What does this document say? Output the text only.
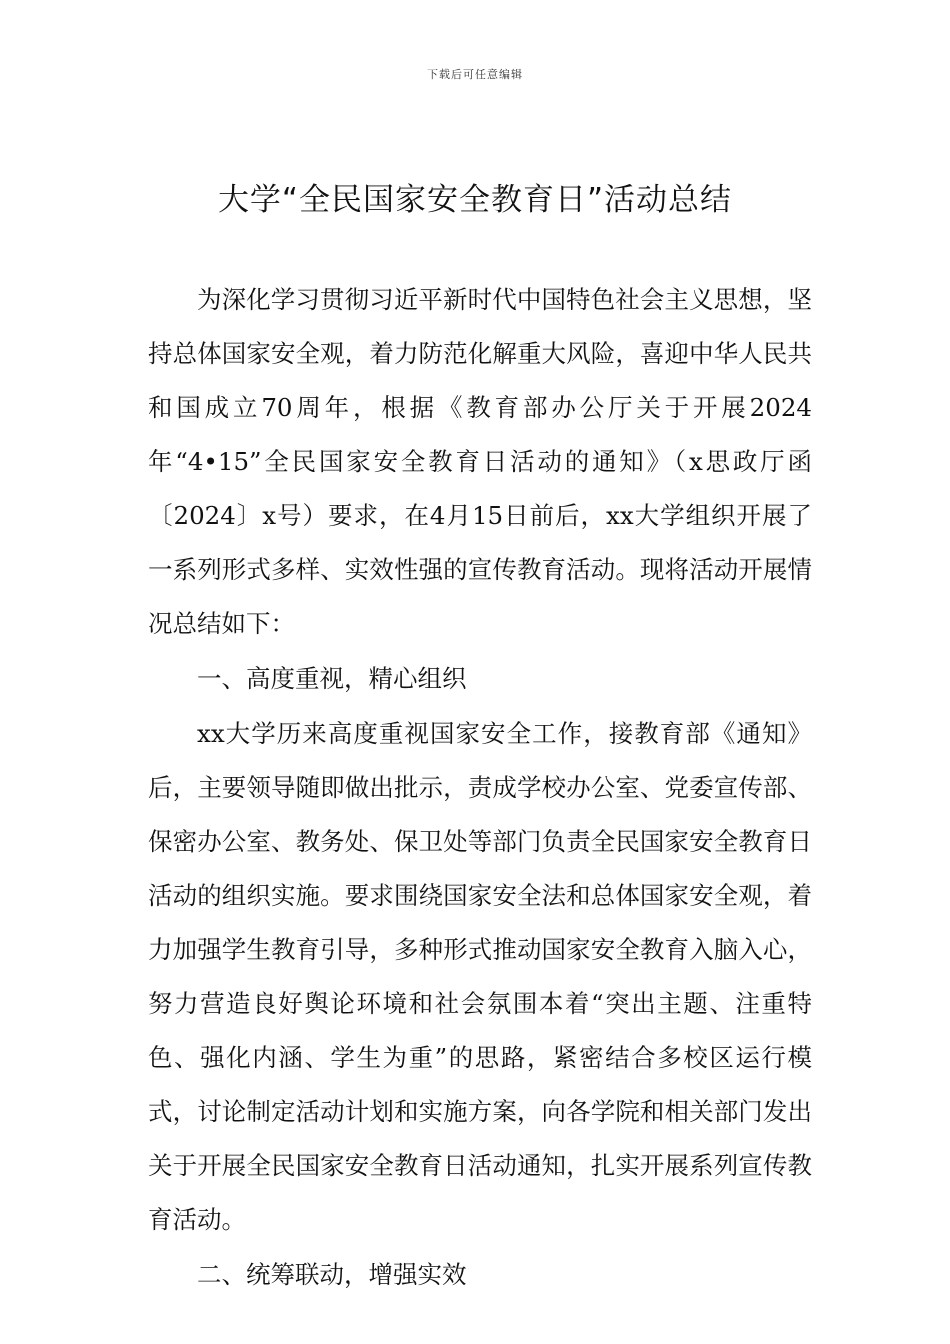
下载后可任意编辑
大学“全民国家安全教育日”活动总结

为深化学习贯彻习近平新时代中国特色社会主义思想，坚持总体国家安全观，着力防范化解重大风险，喜迎中华人民共和国成立70周年，根据《教育部办公厅关于开展2024年“4•15”全民国家安全教育日活动的通知》（x思政厅函〔2024〕x号）要求，在4月15日前后，xx大学组织开展了一系列形式多样、实效性强的宣传教育活动。现将活动开展情况总结如下：

一、高度重视，精心组织

xx大学历来高度重视国家安全工作，接教育部《通知》后，主要领导随即做出批示，责成学校办公室、党委宣传部、保密办公室、教务处、保卫处等部门负责全民国家安全教育日活动的组织实施。要求围绕国家安全法和总体国家安全观，着力加强学生教育引导，多种形式推动国家安全教育入脑入心，努力营造良好舆论环境和社会氛围本着“突出主题、注重特色、强化内涵、学生为重”的思路，紧密结合多校区运行模式，讨论制定活动计划和实施方案，向各学院和相关部门发出关于开展全民国家安全教育日活动通知，扎实开展系列宣传教育活动。

二、统筹联动，增强实效
